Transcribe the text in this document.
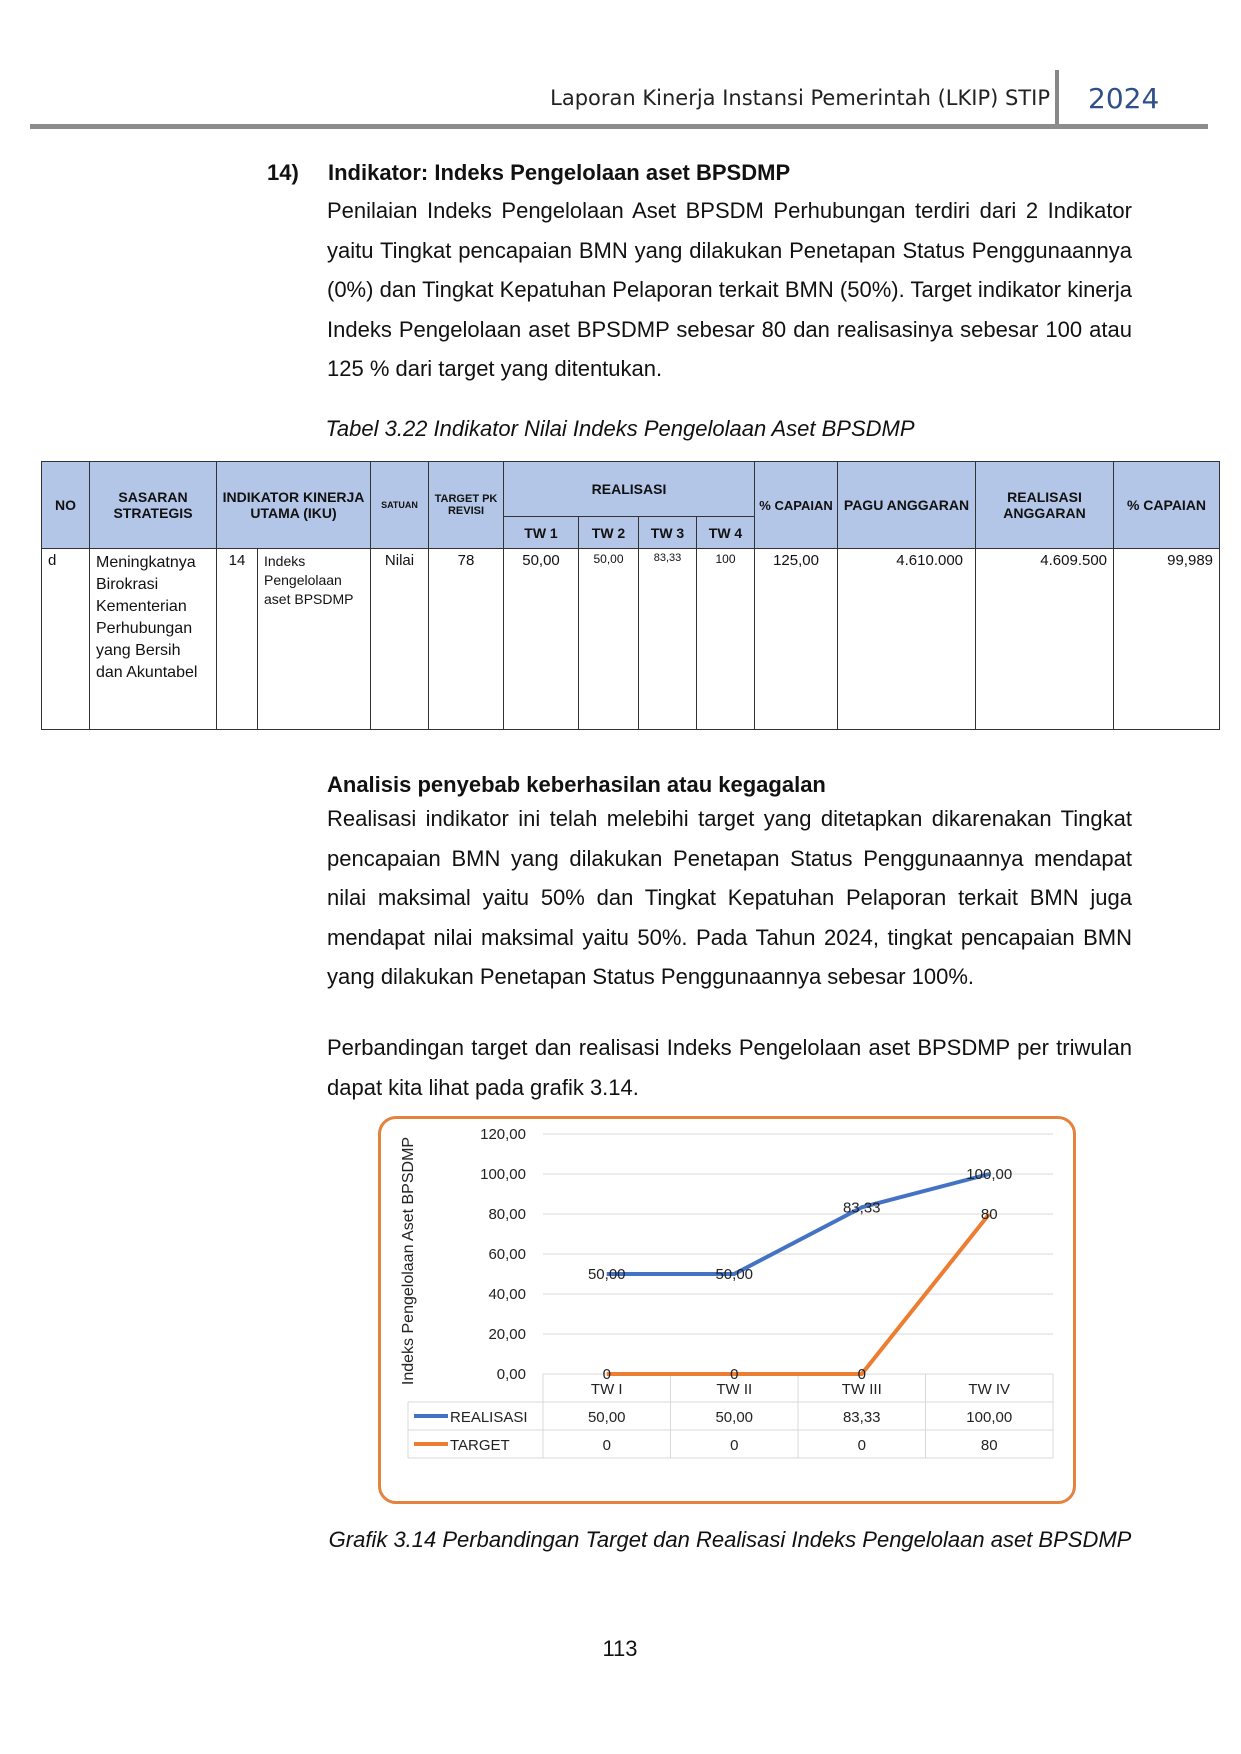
Laporan Kinerja Instansi Pemerintah (LKIP) STIP 2024
14) Indikator: Indeks Pengelolaan aset BPSDMP
Penilaian Indeks Pengelolaan Aset BPSDM Perhubungan terdiri dari 2 Indikator yaitu Tingkat pencapaian BMN yang dilakukan Penetapan Status Penggunaannya (0%) dan Tingkat Kepatuhan Pelaporan terkait BMN (50%). Target indikator kinerja Indeks Pengelolaan aset BPSDMP sebesar 80 dan realisasinya sebesar 100 atau 125 % dari target yang ditentukan.
Tabel 3.22 Indikator Nilai Indeks Pengelolaan Aset BPSDMP
NO	SASARAN STRATEGIS	INDIKATOR KINERJA UTAMA (IKU)		SATUAN	TARGET PK REVISI	REALISASI				% CAPAIAN	PAGU ANGGARAN	REALISASI ANGGARAN	% CAPAIAN
						TW 1	TW 2	TW 3	TW 4				
d	Meningkatnya Birokrasi Kementerian Perhubungan yang Bersih dan Akuntabel	14	Indeks Pengelolaan aset BPSDMP	Nilai	78	50,00	50,00	83,33	100	125,00	4.610.000	4.609.500	99,989
Analisis penyebab keberhasilan atau kegagalan
Realisasi indikator ini telah melebihi target yang ditetapkan dikarenakan Tingkat pencapaian BMN yang dilakukan Penetapan Status Penggunaannya mendapat nilai maksimal yaitu 50% dan Tingkat Kepatuhan Pelaporan terkait BMN juga mendapat nilai maksimal yaitu 50%. Pada Tahun 2024, tingkat pencapaian BMN yang dilakukan Penetapan Status Penggunaannya sebesar 100%.
Perbandingan target dan realisasi Indeks Pengelolaan aset BPSDMP per triwulan dapat kita lihat pada grafik 3.14.
0,00
20,00
40,00
60,00
80,00
100,00
120,00
Indeks Pengelolaan Aset BPSDMP
TW I	TW II	TW III	TW IV
REALISASI	50,00	50,00	83,33	100,00
TARGET	0	0	0	80
50,00	50,00
83,33
100,00
0	0	0
80
Grafik 3.14 Perbandingan Target dan Realisasi Indeks Pengelolaan aset BPSDMP
113
